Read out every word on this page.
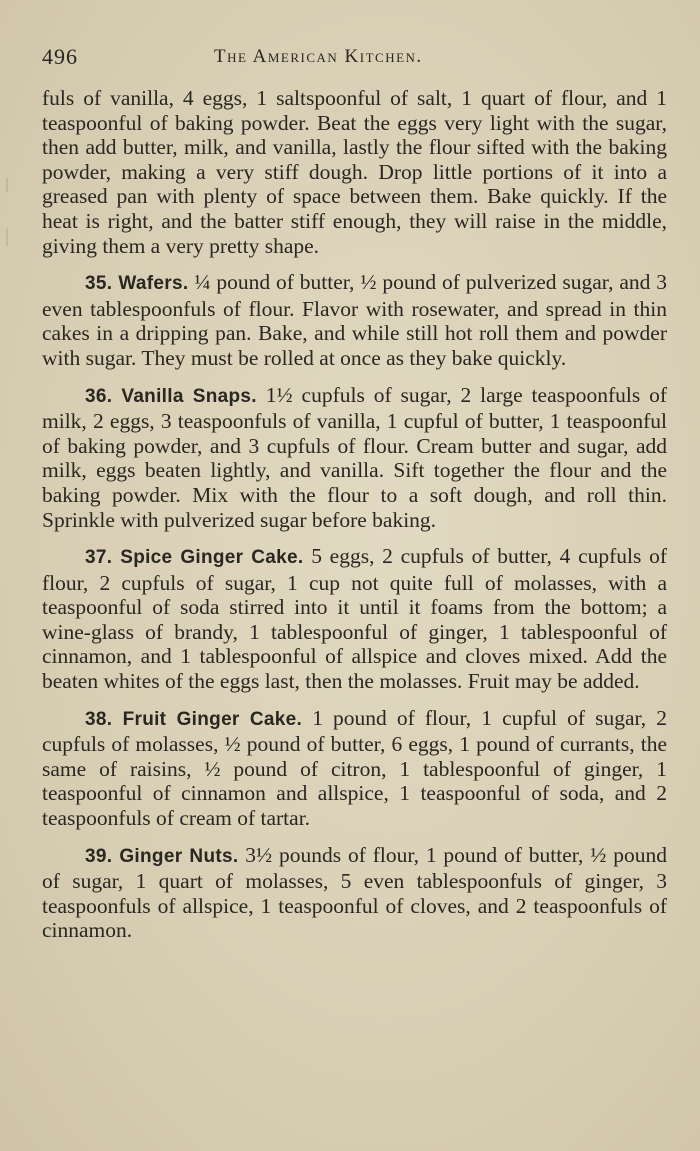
496	The American Kitchen.

fuls of vanilla, 4 eggs, 1 saltspoonful of salt, 1 quart of flour, and 1 teaspoonful of baking powder. Beat the eggs very light with the sugar, then add butter, milk, and vanilla, lastly the flour sifted with the baking powder, making a very stiff dough. Drop little portions of it into a greased pan with plenty of space between them. Bake quickly. If the heat is right, and the batter stiff enough, they will raise in the middle, giving them a very pretty shape.

35. Wafers. ¼ pound of butter, ½ pound of pulverized sugar, and 3 even tablespoonfuls of flour. Flavor with rosewater, and spread in thin cakes in a dripping pan. Bake, and while still hot roll them and powder with sugar. They must be rolled at once as they bake quickly.

36. Vanilla Snaps. 1½ cupfuls of sugar, 2 large teaspoonfuls of milk, 2 eggs, 3 teaspoonfuls of vanilla, 1 cupful of butter, 1 teaspoonful of baking powder, and 3 cupfuls of flour. Cream butter and sugar, add milk, eggs beaten lightly, and vanilla. Sift together the flour and the baking powder. Mix with the flour to a soft dough, and roll thin. Sprinkle with pulverized sugar before baking.

37. Spice Ginger Cake. 5 eggs, 2 cupfuls of butter, 4 cupfuls of flour, 2 cupfuls of sugar, 1 cup not quite full of molasses, with a teaspoonful of soda stirred into it until it foams from the bottom; a wine-glass of brandy, 1 tablespoonful of ginger, 1 tablespoonful of cinnamon, and 1 tablespoonful of allspice and cloves mixed. Add the beaten whites of the eggs last, then the molasses. Fruit may be added.

38. Fruit Ginger Cake. 1 pound of flour, 1 cupful of sugar, 2 cupfuls of molasses, ½ pound of butter, 6 eggs, 1 pound of currants, the same of raisins, ½ pound of citron, 1 tablespoonful of ginger, 1 teaspoonful of cinnamon and allspice, 1 teaspoonful of soda, and 2 teaspoonfuls of cream of tartar.

39. Ginger Nuts. 3½ pounds of flour, 1 pound of butter, ½ pound of sugar, 1 quart of molasses, 5 even tablespoonfuls of ginger, 3 teaspoonfuls of allspice, 1 teaspoonful of cloves, and 2 teaspoonfuls of cinnamon.
